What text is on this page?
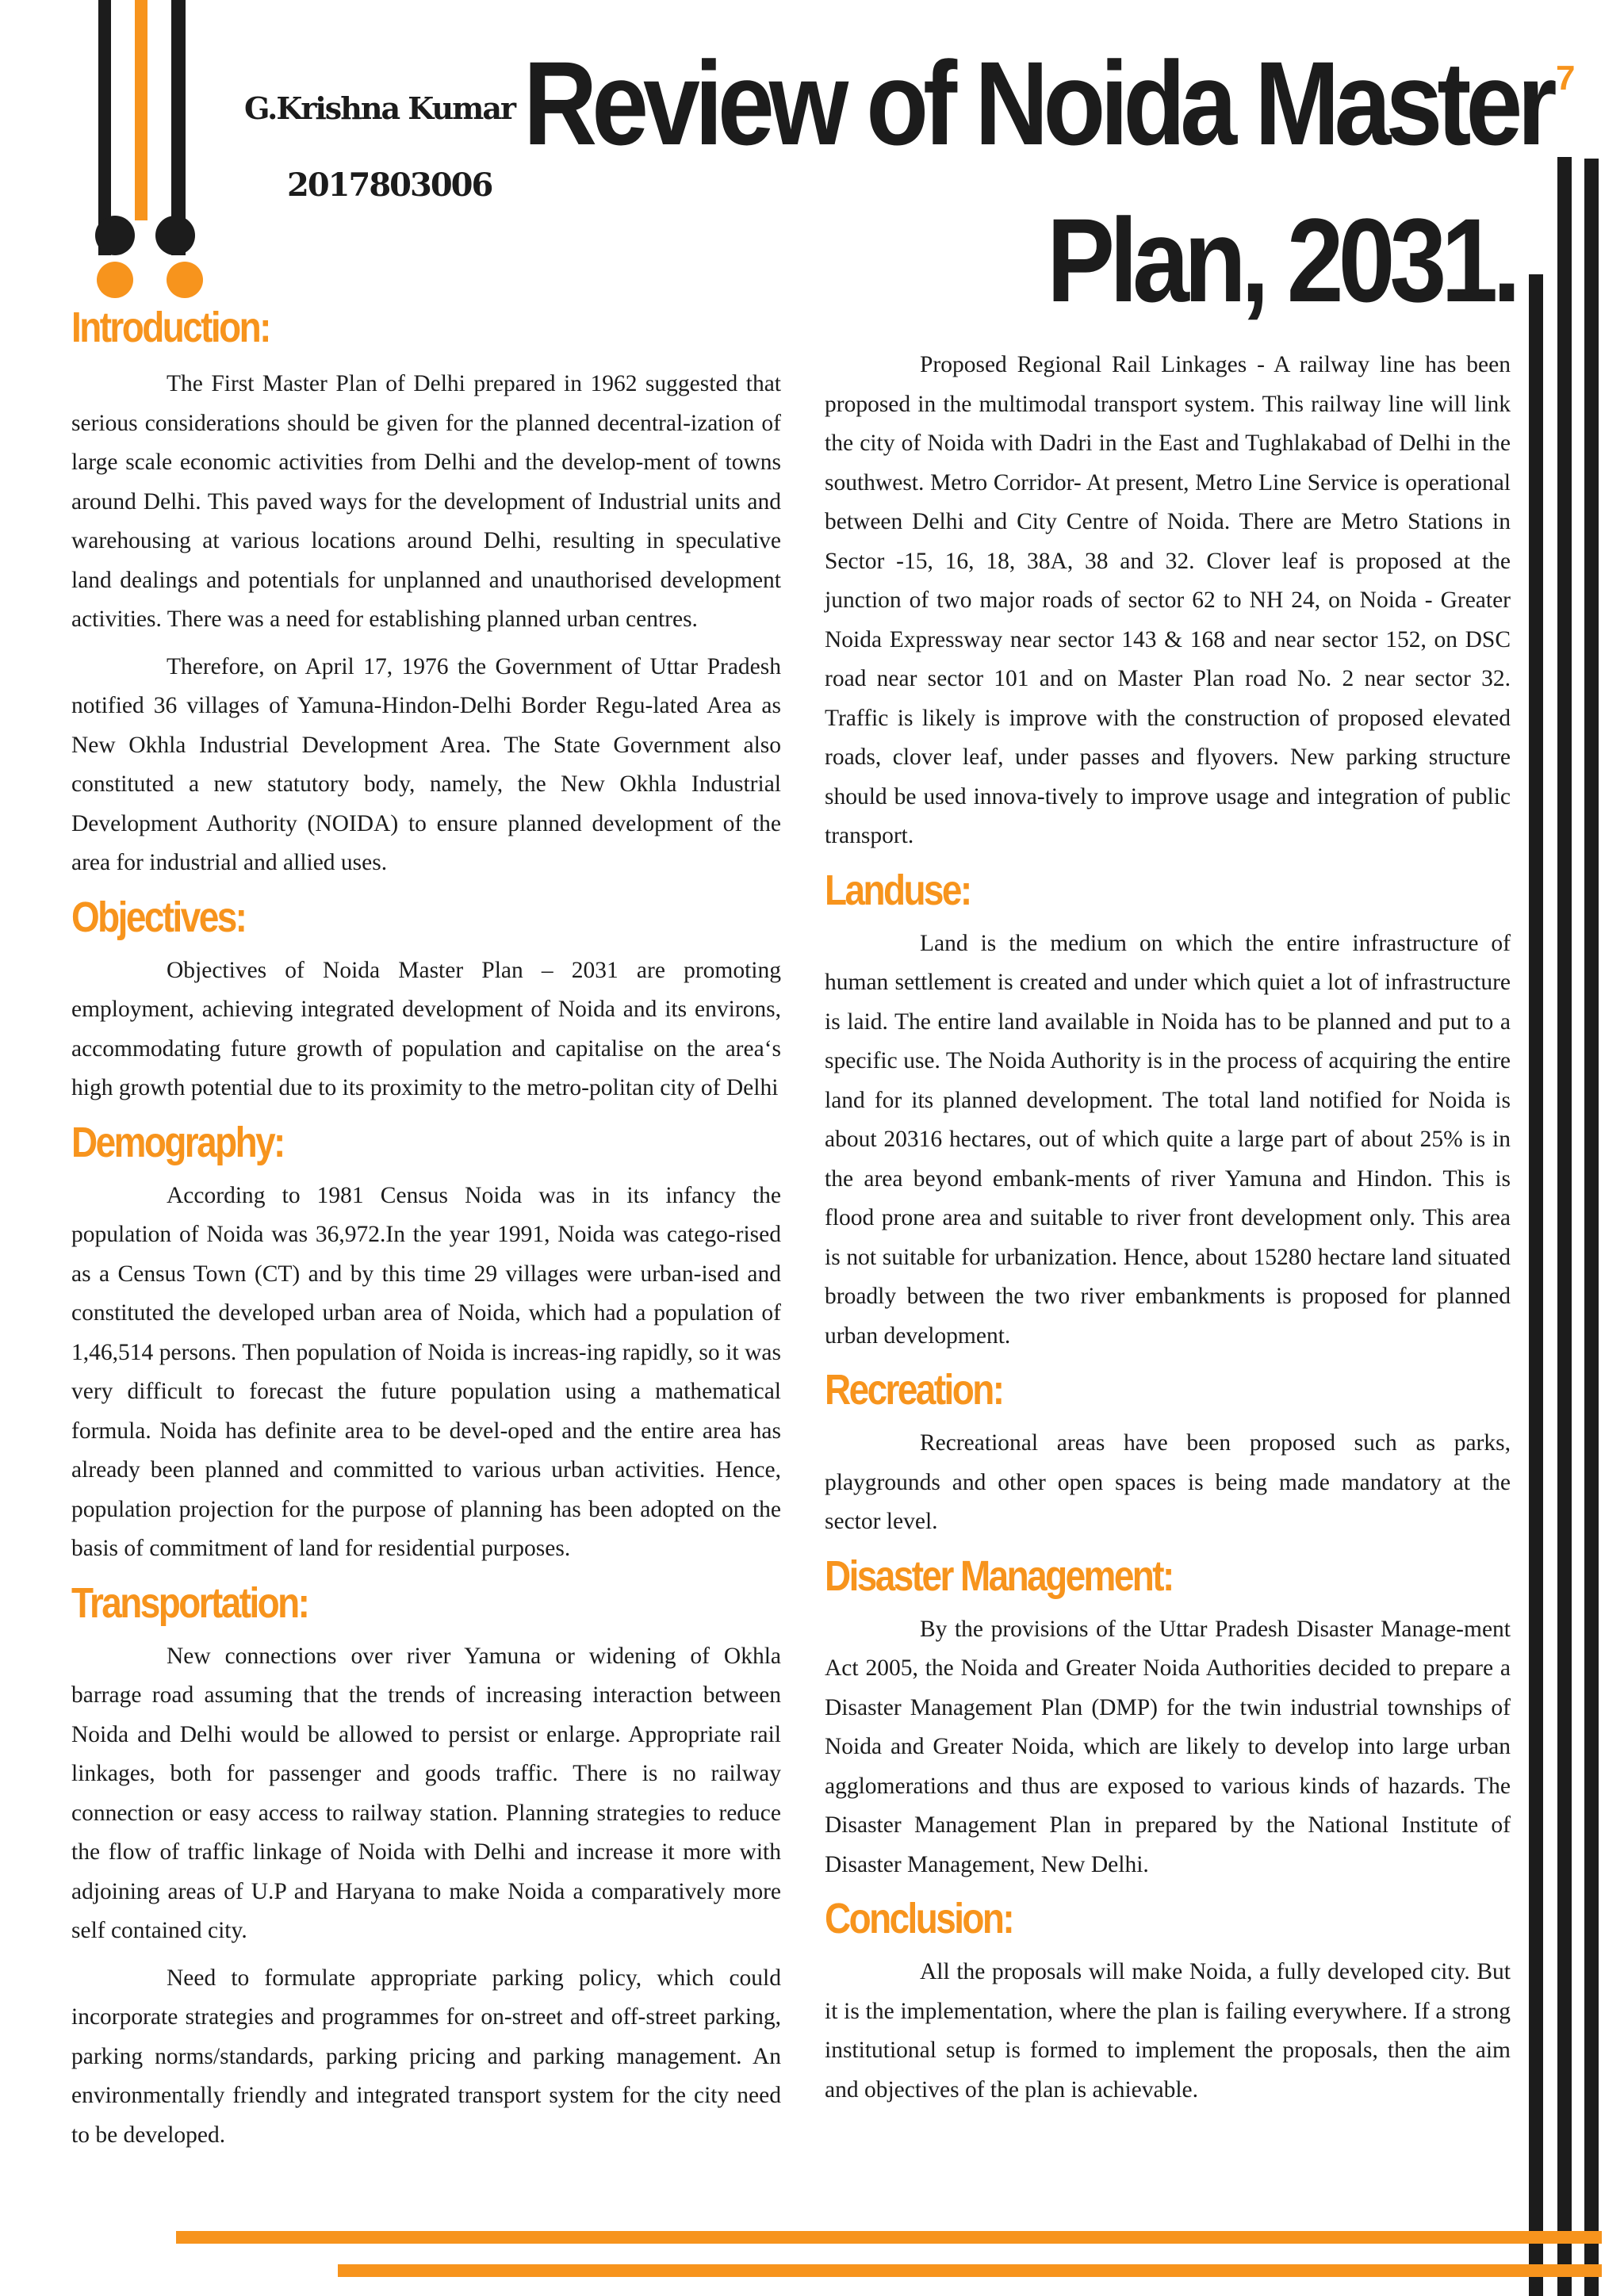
G.Krishna Kumar
2017803006
Review of Noida Master
Plan, 2031.
7
Introduction:

The First Master Plan of Delhi prepared in 1962 suggested that serious considerations should be given for the planned decentral-ization of large scale economic activities from Delhi and the develop-ment of towns around Delhi. This paved ways for the development of Industrial units and warehousing at various locations around Delhi, resulting in speculative land dealings and potentials for unplanned and unauthorised development activities. There was a need for establishing planned urban centres.

Therefore, on April 17, 1976 the Government of Uttar Pradesh notified 36 villages of Yamuna-Hindon-Delhi Border Regu-lated Area as New Okhla Industrial Development Area. The State Government also constituted a new statutory body, namely, the New Okhla Industrial Development Authority (NOIDA) to ensure planned development of the area for industrial and allied uses.

Objectives:

Objectives of Noida Master Plan – 2031 are promoting employment, achieving integrated development of Noida and its environs, accommodating future growth of population and capitalise on the area‘s high growth potential due to its proximity to the metro-politan city of Delhi

Demography:

According to 1981 Census Noida was in its infancy the population of Noida was 36,972.In the year 1991, Noida was catego-rised as a Census Town (CT) and by this time 29 villages were urban-ised and constituted the developed urban area of Noida, which had a population of 1,46,514 persons. Then population of Noida is increas-ing rapidly, so it was very difficult to forecast the future population using a mathematical formula. Noida has definite area to be devel-oped and the entire area has already been planned and committed to various urban activities. Hence, population projection for the purpose of planning has been adopted on the basis of commitment of land for residential purposes.

Transportation:

New connections over river Yamuna or widening of Okhla barrage road assuming that the trends of increasing interaction between Noida and Delhi would be allowed to persist or enlarge. Appropriate rail linkages, both for passenger and goods traffic. There is no railway connection or easy access to railway station. Planning strategies to reduce the flow of traffic linkage of Noida with Delhi and increase it more with adjoining areas of U.P and Haryana to make Noida a comparatively more self contained city.

Need to formulate appropriate parking policy, which could incorporate strategies and programmes for on-street and off-street parking, parking norms/standards, parking pricing and parking management. An environmentally friendly and integrated transport system for the city need to be developed.

Proposed Regional Rail Linkages - A railway line has been proposed in the multimodal transport system. This railway line will link the city of Noida with Dadri in the East and Tughlakabad of Delhi in the southwest. Metro Corridor- At present, Metro Line Service is operational between Delhi and City Centre of Noida. There are Metro Stations in Sector -15, 16, 18, 38A, 38 and 32. Clover leaf is proposed at the junction of two major roads of sector 62 to NH 24, on Noida - Greater Noida Expressway near sector 143 & 168 and near sector 152, on DSC road near sector 101 and on Master Plan road No. 2 near sector 32. Traffic is likely is improve with the construction of proposed elevated roads, clover leaf, under passes and flyovers. New parking structure should be used innova-tively to improve usage and integration of public transport.

Landuse:

Land is the medium on which the entire infrastructure of human settlement is created and under which quiet a lot of infrastructure is laid. The entire land available in Noida has to be planned and put to a specific use. The Noida Authority is in the process of acquiring the entire land for its planned development. The total land notified for Noida is about 20316 hectares, out of which quite a large part of about 25% is in the area beyond embank-ments of river Yamuna and Hindon. This is flood prone area and suitable to river front development only. This area is not suitable for urbanization. Hence, about 15280 hectare land situated broadly between the two river embankments is proposed for planned urban development.

Recreation:

Recreational areas have been proposed such as parks, playgrounds and other open spaces is being made mandatory at the sector level.

Disaster Management:

By the provisions of the Uttar Pradesh Disaster Manage-ment Act 2005, the Noida and Greater Noida Authorities decided to prepare a Disaster Management Plan (DMP) for the twin industrial townships of Noida and Greater Noida, which are likely to develop into large urban agglomerations and thus are exposed to various kinds of hazards. The Disaster Management Plan in prepared by the National Institute of Disaster Management, New Delhi.

Conclusion:

All the proposals will make Noida, a fully developed city. But it is the implementation, where the plan is failing everywhere. If a strong institutional setup is formed to implement the proposals, then the aim and objectives of the plan is achievable.
